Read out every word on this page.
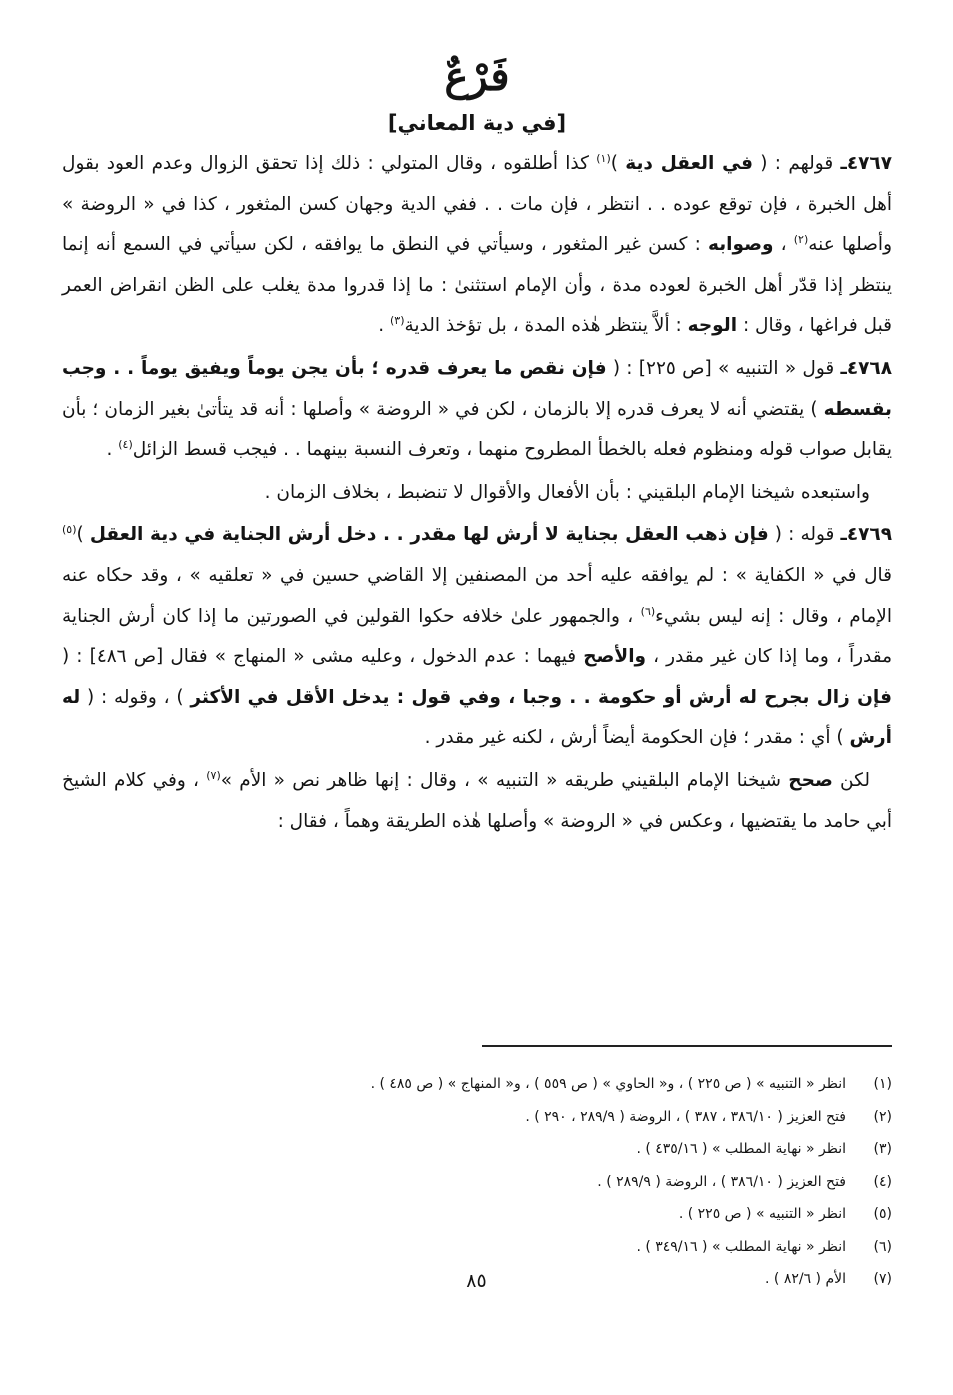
فَرْعٌ
[في دية المعاني]

٤٧٦٧ـ قولهم : ( في العقل دية )$^{(١)}$ كذا أطلقوه ، وقال المتولي : ذلك إذا تحقق الزوال وعدم العود بقول أهل الخبرة ، فإن توقع عوده . . انتظر ، فإن مات . . ففي الدية وجهان كسن المثغور ، كذا في « الروضة » وأصلها عنه$^{(٢)}$ ، وصوابه : كسن غير المثغور ، وسيأتي في النطق ما يوافقه ، لكن سيأتي في السمع أنه إنما ينتظر إذا قدّر أهل الخبرة لعوده مدة ، وأن الإمام استثنىٰ : ما إذا قدروا مدة يغلب على الظن انقراض العمر قبل فراغها ، وقال : الوجه : ألاَّ ينتظر هٰذه المدة ، بل تؤخذ الدية$^{(٣)}$ .

٤٧٦٨ـ قول « التنبيه » [ص ٢٢٥] : ( فإن نقص ما يعرف قدره ؛ بأن يجن يوماً ويفيق يوماً . . وجب بقسطه ) يقتضي أنه لا يعرف قدره إلا بالزمان ، لكن في « الروضة » وأصلها : أنه قد يتأتىٰ بغير الزمان ؛ بأن يقابل صواب قوله ومنظوم فعله بالخطأ المطروح منهما ، وتعرف النسبة بينهما . . فيجب قسط الزائل$^{(٤)}$ .

واستبعده شيخنا الإمام البلقيني : بأن الأفعال والأقوال لا تنضبط ، بخلاف الزمان .

٤٧٦٩ـ قوله : ( فإن ذهب العقل بجناية لا أرش لها مقدر . . دخل أرش الجناية في دية العقل )$^{(٥)}$ قال في « الكفاية » : لم يوافقه عليه أحد من المصنفين إلا القاضي حسين في « تعلقيه » ، وقد حكاه عنه الإمام ، وقال : إنه ليس بشيء$^{(٦)}$ ، والجمهور علىٰ خلافه حكوا القولين في الصورتين ما إذا كان أرش الجناية مقدراً ، وما إذا كان غير مقدر ، والأصح فيهما : عدم الدخول ، وعليه مشى « المنهاج » فقال [ص ٤٨٦] : ( فإن زال بجرح له أرش أو حكومة . . وجبا ، وفي قول : يدخل الأقل في الأكثر ) ، وقوله : ( له أرش ) أي : مقدر ؛ فإن الحكومة أيضاً أرش ، لكنه غير مقدر .

لكن صحح شيخنا الإمام البلقيني طريقه « التنبيه » ، وقال : إنها ظاهر نص « الأم »$^{(٧)}$ ، وفي كلام الشيخ أبي حامد ما يقتضيها ، وعكس في « الروضة » وأصلها هٰذه الطريقة وهماً ، فقال :

(١)
انظر « التنبيه » ( ص ٢٢٥ ) ، و« الحاوي » ( ص ٥٥٩ ) ، و« المنهاج » ( ص ٤٨٥ ) .
(٢)
فتح العزيز ( ٣٨٦/١٠ ، ٣٨٧ ) ، الروضة ( ٢٨٩/٩ ، ٢٩٠ ) .
(٣)
انظر « نهاية المطلب » ( ٤٣٥/١٦ ) .
(٤)
فتح العزيز ( ٣٨٦/١٠ ) ، الروضة ( ٢٨٩/٩ ) .
(٥)
انظر « التنبيه » ( ص ٢٢٥ ) .
(٦)
انظر « نهاية المطلب » ( ٣٤٩/١٦ ) .
(٧)
الأم ( ٨٢/٦ ) .
٨٥
